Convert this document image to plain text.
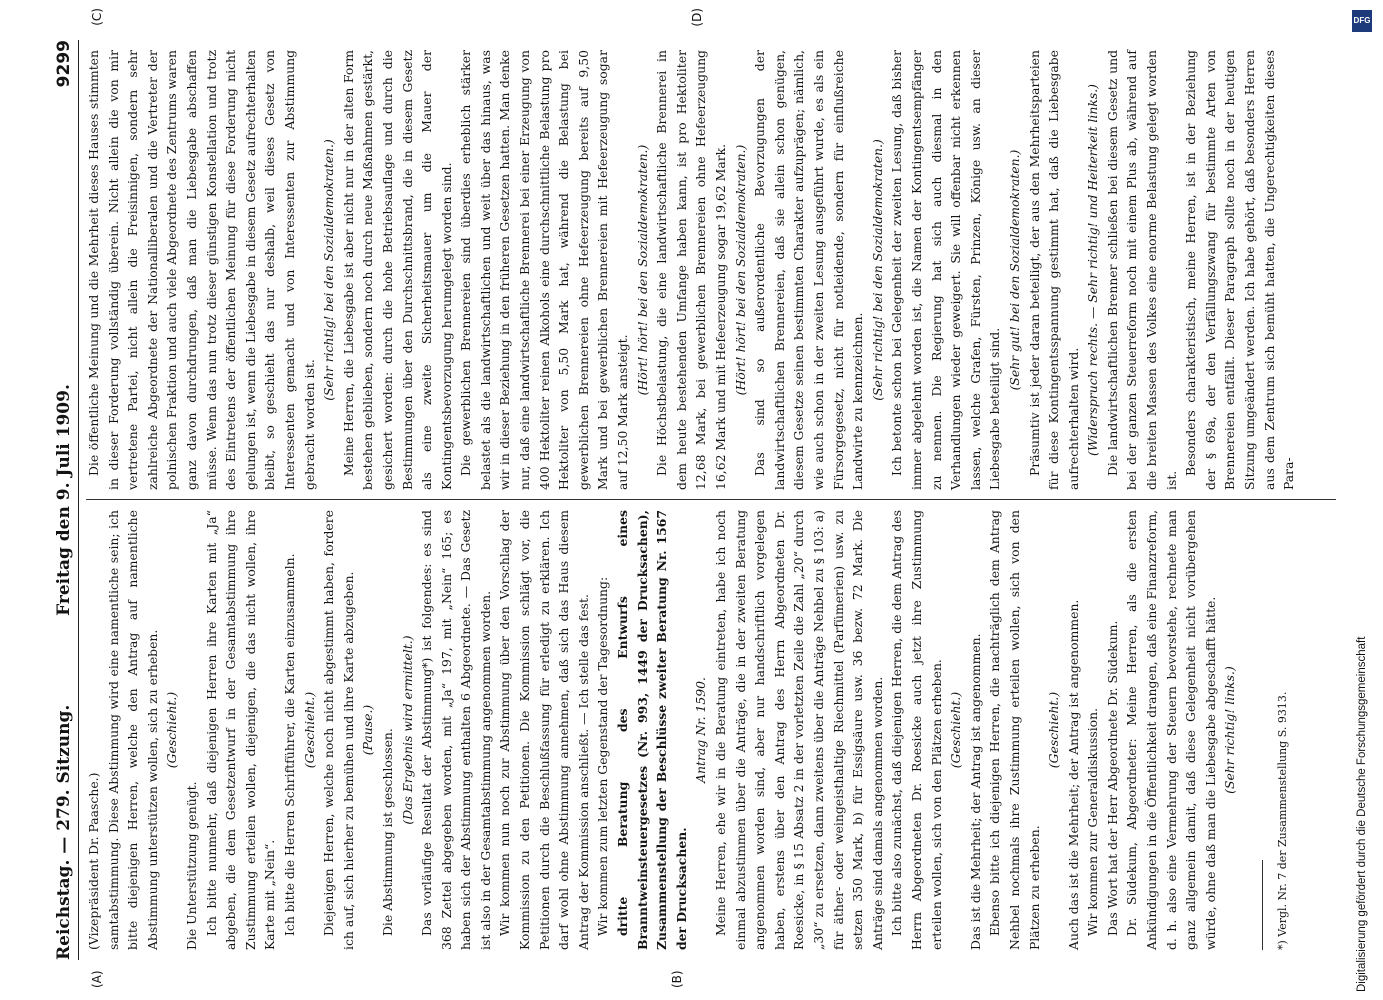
Reichstag. — 279. Sitzung.
Freitag den 9. Juli 1909.
9299
(A)	(B)
(C)	(D)

(Vizepräsident Dr. Paasche.) samtabstimmung. Diese Abstimmung wird eine namentliche sein; ich bitte diejenigen Herren, welche den Antrag auf namentliche Abstimmung unterstützen wollen, sich zu erheben. (Geschieht.)

Die Unterstützung genügt. Ich bitte nunmehr, daß diejenigen Herren ihre Karten mit „Ja“ abgeben, die dem Gesetzentwurf in der Gesamtabstimmung ihre Zustimmung erteilen wollen, diejenigen, die das nicht wollen, ihre Karte mit „Nein“. Ich bitte die Herren Schriftführer, die Karten einzusammeln. (Geschieht.) Diejenigen Herren, welche noch nicht abgestimmt haben, fordere ich auf, sich hierher zu bemühen und ihre Karte abzugeben. (Pause.) Die Abstimmung ist geschlossen. (Das Ergebnis wird ermittelt.) Das vorläufige Resultat der Abstimmung*) ist folgendes: es sind 368 Zettel abgegeben worden, mit „Ja“ 197, mit „Nein“ 165; es haben sich der Abstimmung enthalten 6 Abgeordnete. — Das Gesetz ist also in der Gesamtabstimmung angenommen worden. Wir kommen nun noch zur Abstimmung über den Vorschlag der Kommission zu den Petitionen. Die Kommission schlägt vor, die Petitionen durch die Beschlußfassung für erledigt zu erklären. Ich darf wohl ohne Abstimmung annehmen, daß sich das Haus diesem Antrag der Kommission anschließt. — Ich stelle das fest. Wir kommen zum letzten Gegenstand der Tagesordnung: dritte Beratung des Entwurfs eines Branntweinsteuergesetzes (Nr. 993, 1449 der Drucksachen), Zusammenstellung der Beschlüsse zweiter Beratung Nr. 1567 der Drucksachen.

Antrag Nr. 1590. Meine Herren, ehe wir in die Beratung eintreten, habe ich noch einmal abzustimmen über die Anträge, die in der zweiten Beratung angenommen worden sind, aber nur handschriftlich vorgelegen haben, erstens über den Antrag des Herrn Abgeordneten Dr. Roesicke, in § 15 Absatz 2 in der vorletzten Zeile die Zahl „20“ durch „30“ zu ersetzen, dann zweitens über die Anträge Nehbel zu § 103: a) für äther- oder weingeisthaltige Riechmittel (Parfümerien) usw. zu setzen 350 Mark, b) für Essigsäure usw. 36 bezw. 72 Mark. Die Anträge sind damals angenommen worden. Ich bitte also zunächst, daß diejenigen Herren, die dem Antrag des Herrn Abgeordneten Dr. Roesicke auch jetzt ihre Zustimmung erteilen wollen, sich von den Plätzen erheben. (Geschieht.) Das ist die Mehrheit; der Antrag ist angenommen. Ebenso bitte ich diejenigen Herren, die nachträglich dem Antrag Nehbel nochmals ihre Zustimmung erteilen wollen, sich von den Plätzen zu erheben.

(Geschieht.) Auch das ist die Mehrheit; der Antrag ist angenommen. Wir kommen zur Generaldiskussion. Das Wort hat der Herr Abgeordnete Dr. Südekum. Dr. Südekum, Abgeordneter: Meine Herren, als die ersten Ankündigungen in die Öffentlichkeit drangen, daß eine Finanzreform, d. h. also eine Vermehrung der Steuern bevorstehe, rechnete man ganz allgemein damit, daß diese Gelegenheit nicht vorübergehen würde, ohne daß man die Liebesgabe abgeschafft hätte. (Sehr richtig! links.)	*) Vergl. Nr. 7 der Zusammenstellung S. 9313.

Die öffentliche Meinung und die Mehrheit dieses Hauses stimmten in dieser Forderung vollständig überein. Nicht allein die von mir vertretene Partei, nicht allein die Freisinnigen, sondern sehr zahlreiche Abgeordnete der Nationalliberalen und die Vertreter der polnischen Fraktion und auch viele Abgeordnete des Zentrums waren ganz davon durchdrungen, daß man die Liebesgabe abschaffen müsse. Wenn das nun trotz dieser günstigen Konstellation und trotz des Eintretens der öffentlichen Meinung für diese Forderung nicht gelungen ist, wenn die Liebesgabe in diesem Gesetz aufrechterhalten bleibt, so geschieht das nur deshalb, weil dieses Gesetz von Interessenten gemacht und von Interessenten zur Abstimmung gebracht worden ist.

(Sehr richtig! bei den Sozialdemokraten.) Meine Herren, die Liebesgabe ist aber nicht nur in der alten Form bestehen geblieben, sondern noch durch neue Maßnahmen gestärkt, gesichert worden: durch die hohe Betriebsauflage und durch die Bestimmungen über den Durchschnittsbrand, die in diesem Gesetz als eine zweite Sicherheitsmauer um die Mauer der Kontingentsbevorzugung herumgelegt worden sind. Die gewerblichen Brennereien sind überdies erheblich stärker belastet als die landwirtschaftlichen und weit über das hinaus, was wir in dieser Beziehung in den früheren Gesetzen hatten. Man denke nur, daß eine landwirtschaftliche Brennerei bei einer Erzeugung von 400 Hektoliter reinen Alkohols eine durchschnittliche Belastung pro Hektoliter von 5,50 Mark hat, während die Belastung bei gewerblichen Brennereien ohne Hefeerzeugung bereits auf 9,50 Mark und bei gewerblichen Brennereien mit Hefeerzeugung sogar auf 12,50 Mark ansteigt.

(Hört! hört! bei den Sozialdemokraten.) Die Höchstbelastung, die eine landwirtschaftliche Brennerei in dem heute bestehenden Umfange haben kann, ist pro Hektoliter 12,68 Mark, bei gewerblichen Brennereien ohne Hefeerzeugung 16,62 Mark und mit Hefeerzeugung sogar 19,62 Mark. (Hört! hört! bei den Sozialdemokraten.) Das sind so außerordentliche Bevorzugungen der landwirtschaftlichen Brennereien, daß sie allein schon genügen, diesem Gesetze seinen bestimmten Charakter aufzuprägen; nämlich, wie auch schon in der zweiten Lesung ausgeführt wurde, es als ein Fürsorgegesetz, nicht für notleidende, sondern für einflußreiche Landwirte zu kennzeichnen.

(Sehr richtig! bei den Sozialdemokraten.) Ich betonte schon bei Gelegenheit der zweiten Lesung, daß bisher immer abgelehnt worden ist, die Namen der Kontingentsempfänger zu nennen. Die Regierung hat sich auch diesmal in den Verhandlungen wieder geweigert. Sie will offenbar nicht erkennen lassen, welche Grafen, Fürsten, Prinzen, Könige usw. an dieser Liebesgabe beteiligt sind.

(Sehr gut! bei den Sozialdemokraten.) Präsumtiv ist jeder daran beteiligt, der aus den Mehrheitsparteien für diese Kontingentsspannung gestimmt hat, daß die Liebesgabe aufrechterhalten wird. (Widerspruch rechts. — Sehr richtig! und Heiterkeit links.) Die landwirtschaftlichen Brenner schließen bei diesem Gesetz und bei der ganzen Steuerreform noch mit einem Plus ab, während auf die breiten Massen des Volkes eine enorme Belastung gelegt worden ist.

Besonders charakteristisch, meine Herren, ist in der Beziehung der § 69a, der den Verfällungszwang für bestimmte Arten von Brennereien entfällt. Dieser Paragraph sollte noch in der heutigen Sitzung umgeändert werden. Ich habe gehört, daß besonders Herren aus dem Zentrum sich bemüht hatten, die Ungerechtigkeiten dieses Para-

Digitalisierung gefördert durch die Deutsche Forschungsgemeinschaft
DFG
